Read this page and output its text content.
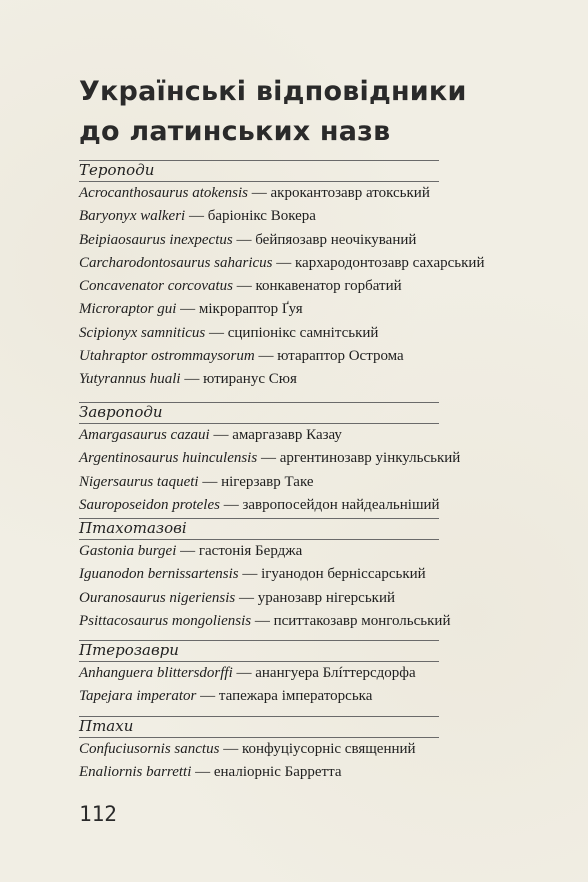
Українські відповідники
до латинських назв
Тероподи
Acrocanthosaurus atokensis — акрокантозавр атокський
Baryonyx walkeri — баріонікс Вокера
Beipiaosaurus inexpectus — бейпяозавр неочікуваний
Carcharodontosaurus saharicus — кархародонтозавр сахарський
Concavenator corcovatus — конкавенатор горбатий
Microraptor gui — мікрораптор Ґуя
Scipionyx samniticus — сципіонікс самнітський
Utahraptor ostrommaysorum — ютараптор Острома
Yutyrannus huali — ютиранус Сюя
Завроподи
Amargasaurus cazaui — амаргазавр Казау
Argentinosaurus huinculensis — аргентинозавр уінкульський
Nigersaurus taqueti — нігерзавр Таке
Sauroposeidon proteles — завропосейдон найдеальніший
Птахотазові
Gastonia burgei — гастонія Берджа
Iguanodon bernissartensis — ігуанодон берніссарський
Ouranosaurus nigeriensis — уранозавр нігерський
Psittacosaurus mongoliensis — пситтакозавр монгольський
Птерозаври
Anhanguera blittersdorffi — анангуера Блíттерсдорфа
Tapejara imperator — тапежара імператорська
Птахи
Confuciusornis sanctus — конфуціусорніс священний
Enaliornis barretti — еналіорніс Барретта
112
